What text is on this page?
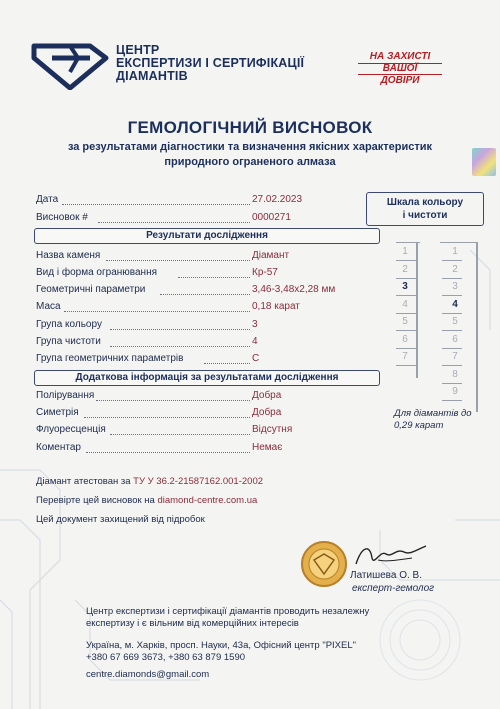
ЦЕНТР
ЕКСПЕРТИЗИ І СЕРТИФІКАЦІЇ
ДІАМАНТІВ
НА ЗАХИСТІ
ВАШОЇ
ДОВІРИ
ГЕМОЛОГІЧНИЙ ВИСНОВОК
за результатами діагностики та визначення якісних характеристик
природного ограненого алмаза
Дата	27.02.2023
Висновок #	0000271
Результати дослідження
Назва каменя	Діамант
Вид і форма огранювання	Кр-57
Геометричні параметри	3,46-3,48х2,28 мм
Маса	0,18 карат
Група кольору	3
Група чистоти	4
Група геометричних параметрів	С
Додаткова інформація за результатами дослідження
Полірування	Добра
Симетрія	Добра
Флуоресценція	Відсутня
Коментар	Немає
Шкала кольору
і чистоти
Для діамантів до
0,29 карат
Діамант атестован за ТУ У 36.2-21587162.001-2002
Перевірте цей висновок на diamond-centre.com.ua
Цей документ захищений від підробок
Латишева О. В.
експерт-гемолог
Центр експертизи і сертифікації діамантів проводить незалежну
експертизу і є вільним від комерційних інтересів
Україна, м. Харків, просп. Науки, 43а, Офісний центр "PIXEL"
+380 67 669 3673, +380 63 879 1590
centre.diamonds@gmail.com
1
2
3
4
5
6
7
1
2
3
4
5
6
7
8
9
